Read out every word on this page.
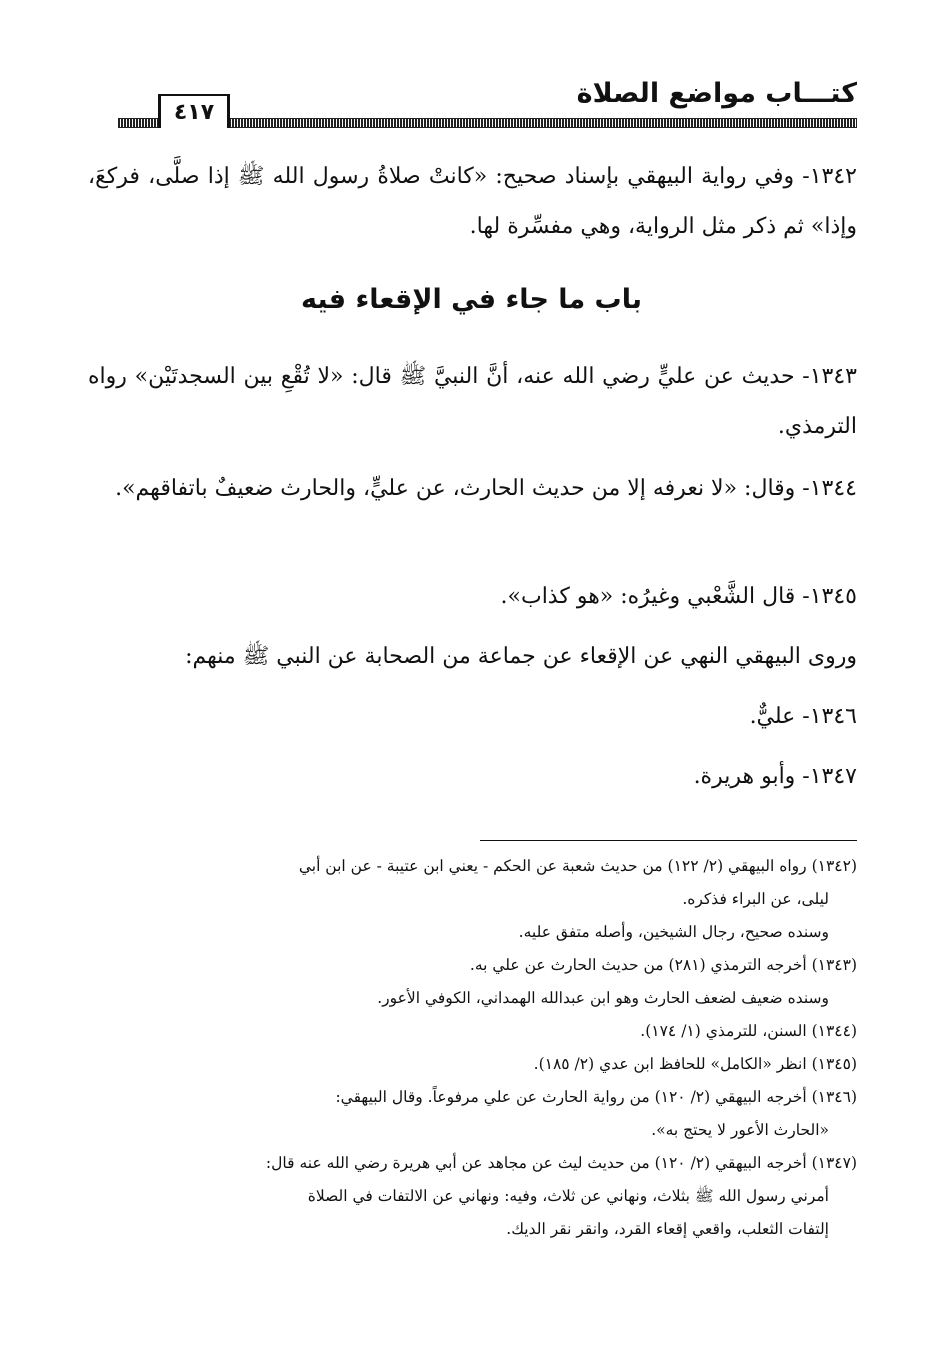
كتـــاب مواضع الصلاة
٤١٧
١٣٤٢- وفي رواية البيهقي بإسناد صحيح: «كانتْ صلاةُ رسول الله ﷺ إذا صلَّى، فركعَ، وإذا» ثم ذكر مثل الرواية، وهي مفسِّرة لها.
باب ما جاء في الإقعاء فيه
١٣٤٣- حديث عن عليٍّ رضي الله عنه، أنَّ النبيَّ ﷺ قال: «لا تُقْعِ بين السجدتَيْن» رواه الترمذي.
١٣٤٤- وقال: «لا نعرفه إلا من حديث الحارث، عن عليٍّ، والحارث ضعيفٌ باتفاقهم».
١٣٤٥- قال الشَّعْبي وغيرُه: «هو كذاب».
وروى البيهقي النهي عن الإقعاء عن جماعة من الصحابة عن النبي ﷺ منهم:
١٣٤٦- عليٌّ.
١٣٤٧- وأبو هريرة.
(١٣٤٢) رواه البيهقي (٢/ ١٢٢) من حديث شعبة عن الحكم - يعني ابن عتيبة - عن ابن أبي
ليلى، عن البراء فذكره.
وسنده صحيح، رجال الشيخين، وأصله متفق عليه.
(١٣٤٣) أخرجه الترمذي (٢٨١) من حديث الحارث عن علي به.
وسنده ضعيف لضعف الحارث وهو ابن عبدالله الهمداني، الكوفي الأعور.
(١٣٤٤) السنن، للترمذي (١/ ١٧٤).
(١٣٤٥) انظر «الكامل» للحافظ ابن عدي (٢/ ١٨٥).
(١٣٤٦) أخرجه البيهقي (٢/ ١٢٠) من رواية الحارث عن علي مرفوعاً. وقال البيهقي:
«الحارث الأعور لا يحتج به».
(١٣٤٧) أخرجه البيهقي (٢/ ١٢٠) من حديث ليث عن مجاهد عن أبي هريرة رضي الله عنه قال:
أمرني رسول الله ﷺ بثلاث، ونهاني عن ثلاث، وفيه: ونهاني عن الالتفات في الصلاة
إلتفات الثعلب، واقعي إقعاء القرد، وانقر نقر الديك.
